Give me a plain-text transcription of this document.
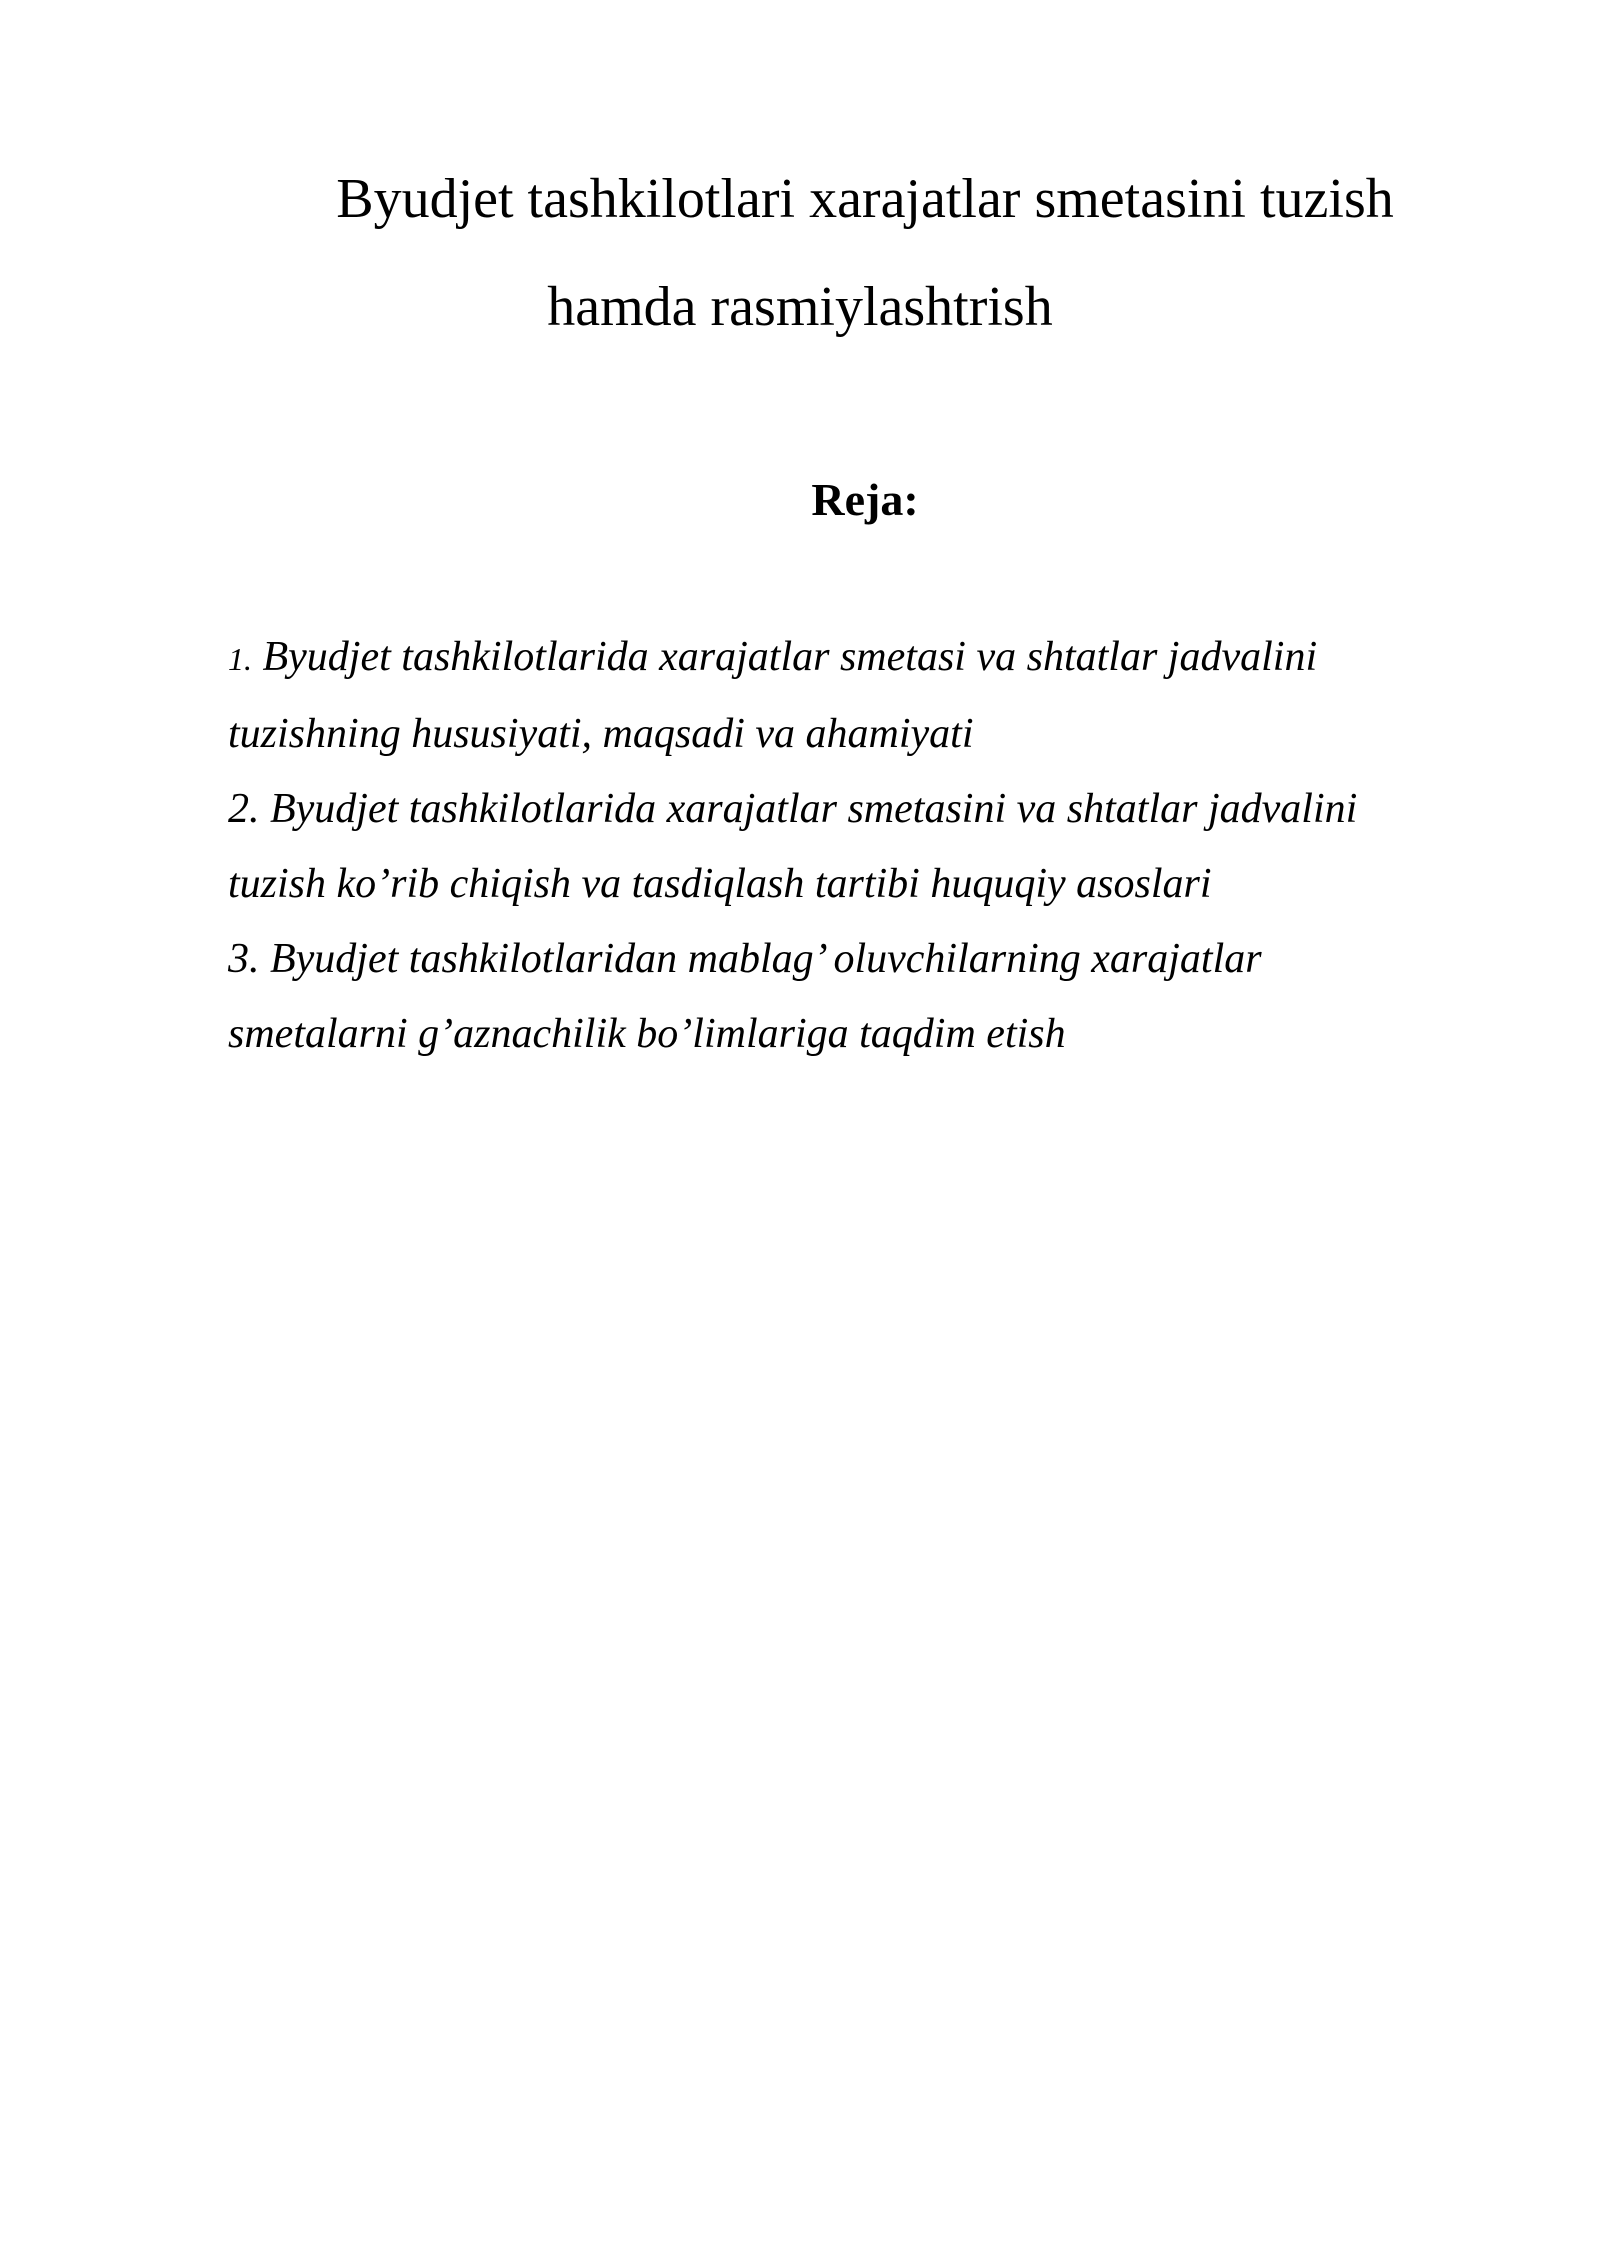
Byudjet tashkilotlari xarajatlar smetasini tuzish
hamda rasmiylashtrish
Reja:
1. Byudjet tashkilotlarida xarajatlar smetasi va shtatlar jadvalini
tuzishning hususiyati, maqsadi va ahamiyati
2. Byudjet tashkilotlarida xarajatlar smetasini va shtatlar jadvalini
tuzish ko’rib chiqish va tasdiqlash tartibi huquqiy asoslari
3. Byudjet tashkilotlaridan mablag’ oluvchilarning xarajatlar
smetalarni g’aznachilik bo’limlariga taqdim etish
